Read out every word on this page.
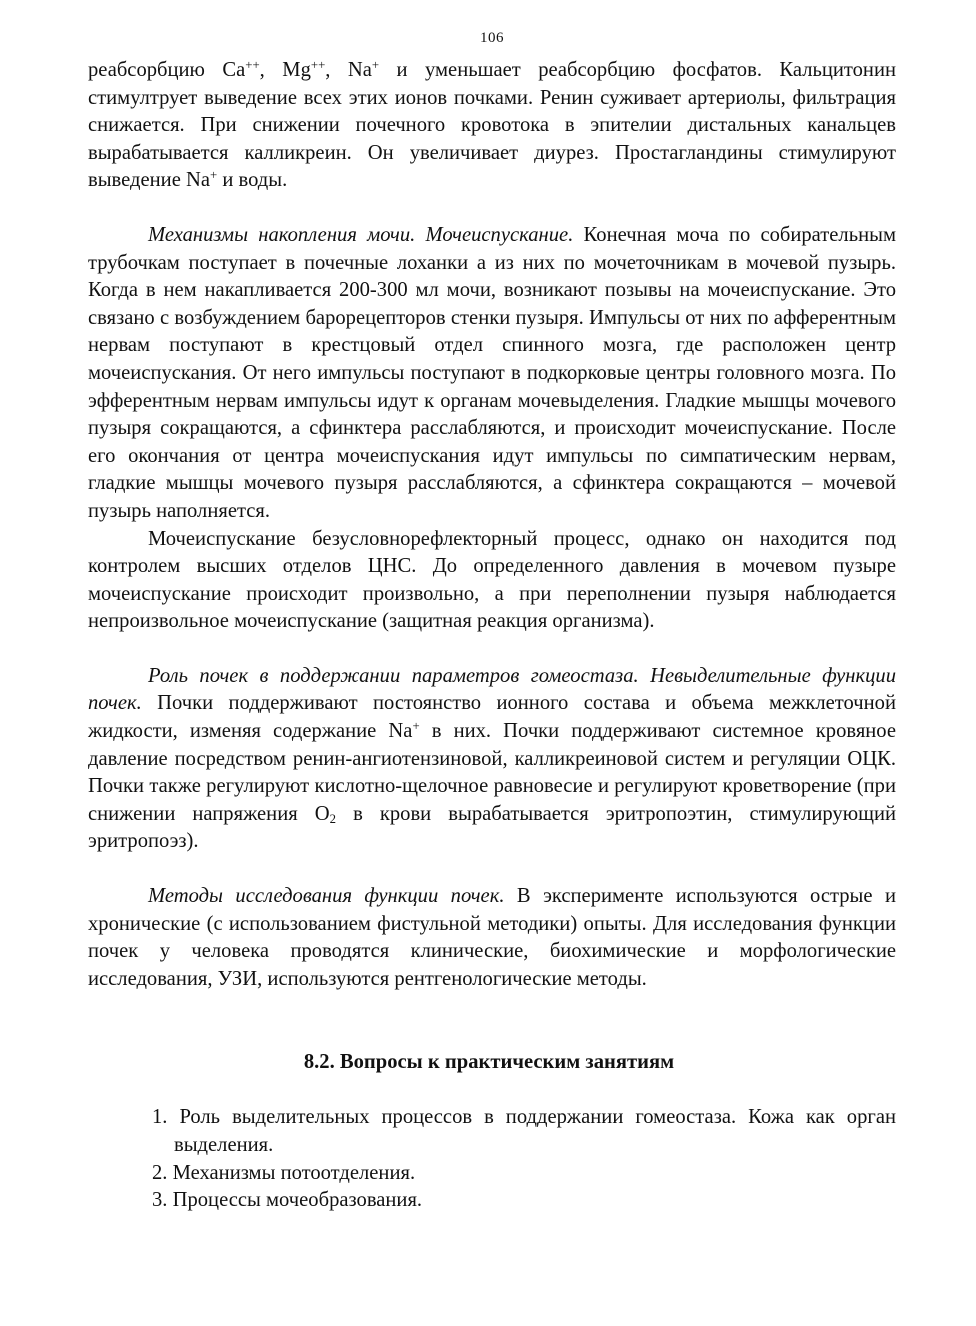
106

реабсорбцию Ca++, Mg++, Na+ и уменьшает реабсорбцию фосфатов. Кальцитонин стимултрует выведение всех этих ионов почками. Ренин суживает артериолы, фильтрация снижается. При снижении почечного кровотока в эпителии дистальных канальцев вырабатывается калликреин. Он увеличивает диурез. Простагландины стимулируют выведение Na+ и воды.

Механизмы накопления мочи. Мочеиспускание. Конечная моча по собирательным трубочкам поступает в почечные лоханки а из них по мочеточникам в мочевой пузырь. Когда в нем накапливается 200-300 мл мочи, возникают позывы на мочеиспускание. Это связано с возбуждением барорецепторов стенки пузыря. Импульсы от них по афферентным нервам поступают в крестцовый отдел спинного мозга, где расположен центр мочеиспускания. От него импульсы поступают в подкорковые центры головного мозга. По эфферентным нервам импульсы идут к органам мочевыделения. Гладкие мышцы мочевого пузыря сокращаются, а сфинктера расслабляются, и происходит мочеиспускание. После его окончания от центра мочеиспускания идут импульсы по симпатическим нервам, гладкие мышцы мочевого пузыря расслабляются, а сфинктера сокращаются – мочевой пузырь наполняется.

Мочеиспускание безусловнорефлекторный процесс, однако он находится под контролем высших отделов ЦНС. До определенного давления в мочевом пузыре мочеиспускание происходит произвольно, а при переполнении пузыря наблюдается непроизвольное мочеиспускание (защитная реакция организма).

Роль почек в поддержании параметров гомеостаза. Невыделительные функции почек. Почки поддерживают постоянство ионного состава и объема межклеточной жидкости, изменяя содержание Na+ в них. Почки поддерживают системное кровяное давление посредством ренин-ангиотензиновой, калликреиновой систем и регуляции ОЦК. Почки также регулируют кислотно-щелочное равновесие и регулируют кроветворение (при снижении напряжения $O_2$ в крови вырабатывается эритропоэтин, стимулирующий эритропоэз).

Методы исследования функции почек. В эксперименте используются острые и хронические (с использованием фистульной методики) опыты. Для исследования функции почек у человека проводятся клинические, биохимические и морфологические исследования, УЗИ, используются рентгенологические методы.

8.2. Вопросы к практическим занятиям
1. Роль выделительных процессов в поддержании гомеостаза. Кожа как орган выделения.
2. Механизмы потоотделения.
3. Процессы мочеобразования.
